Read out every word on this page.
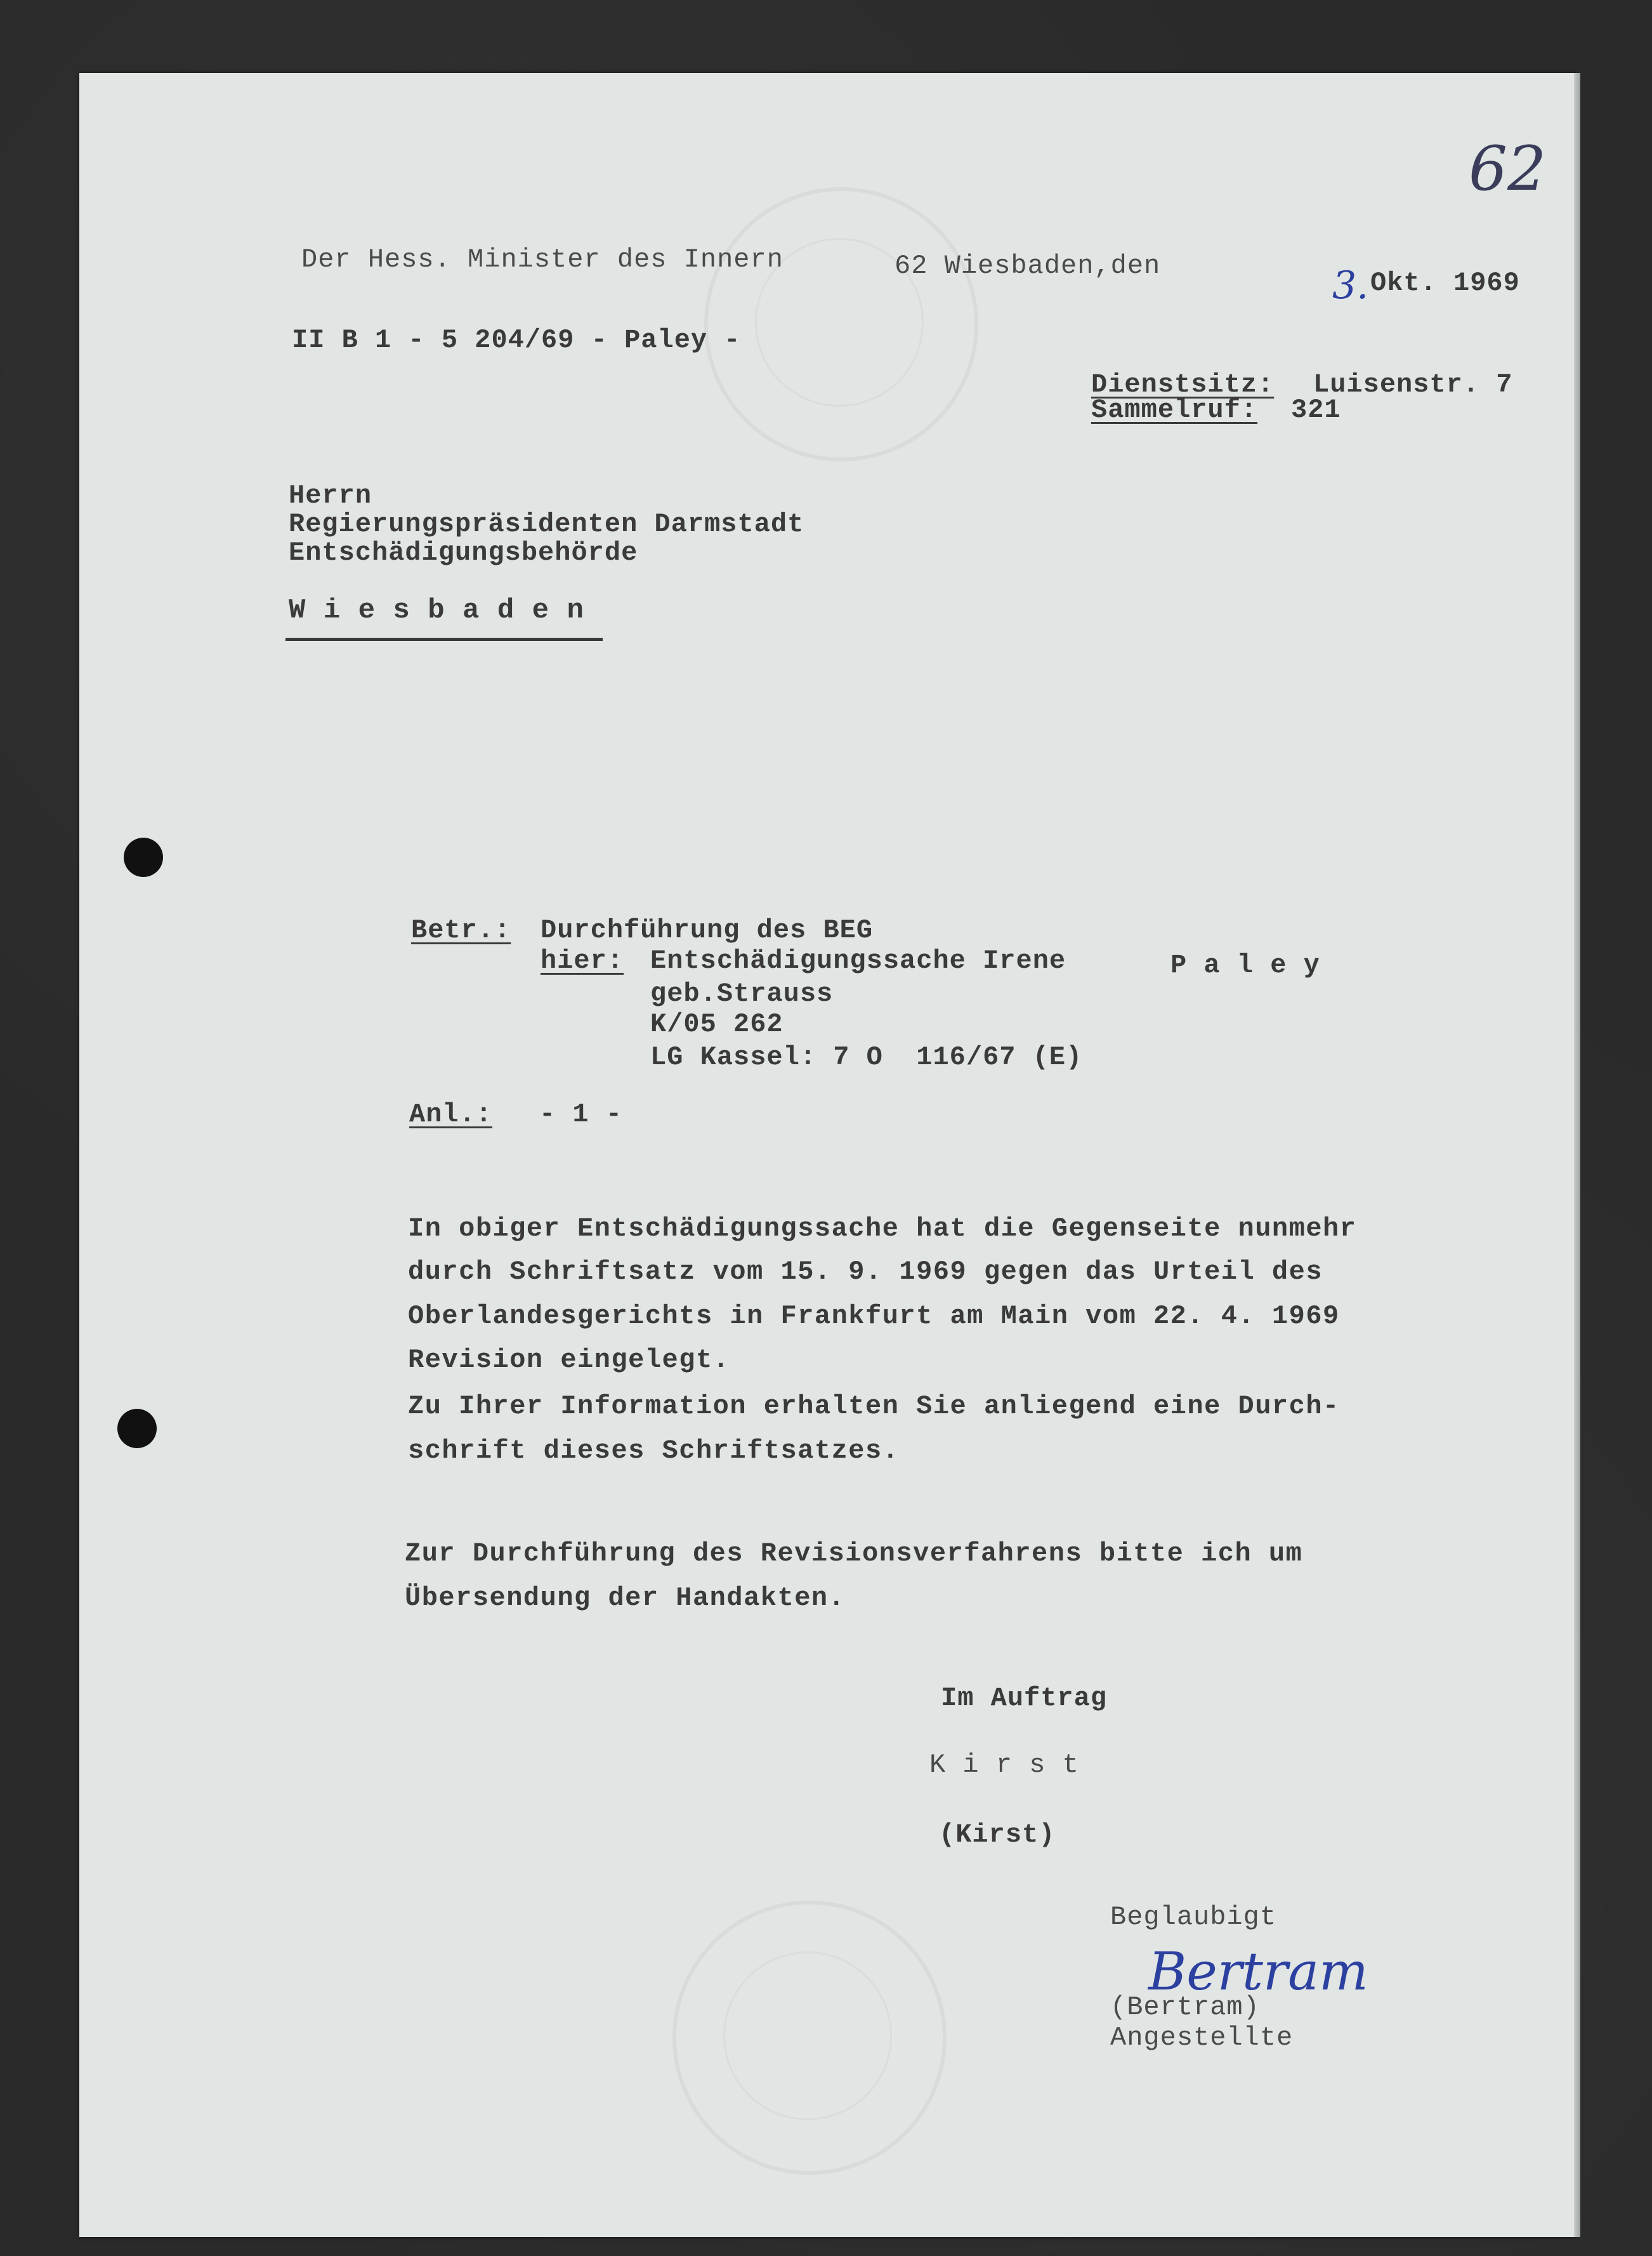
62
Der Hess. Minister des Innern	62 Wiesbaden,den	3. Okt. 1969
II B 1 - 5 204/69 - Paley -
Dienstsitz: Luisenstr. 7
Sammelruf: 321
Herrn
Regierungspräsidenten Darmstadt
Entschädigungsbehörde
W i e s b a d e n
Betr.: Durchführung des BEG
hier: Entschädigungssache Irene	P a l e y
geb.Strauss
K/05 262
LG Kassel: 7 O  116/67 (E)
Anl.: - 1 -
In obiger Entschädigungssache hat die Gegenseite nunmehr
durch Schriftsatz vom 15. 9. 1969 gegen das Urteil des
Oberlandesgerichts in Frankfurt am Main vom 22. 4. 1969
Revision eingelegt.
Zu Ihrer Information erhalten Sie anliegend eine Durch-
schrift dieses Schriftsatzes.
Zur Durchführung des Revisionsverfahrens bitte ich um
Übersendung der Handakten.
Im Auftrag
K i r s t
(Kirst)
Beglaubigt
Bertram
(Bertram)
Angestellte
